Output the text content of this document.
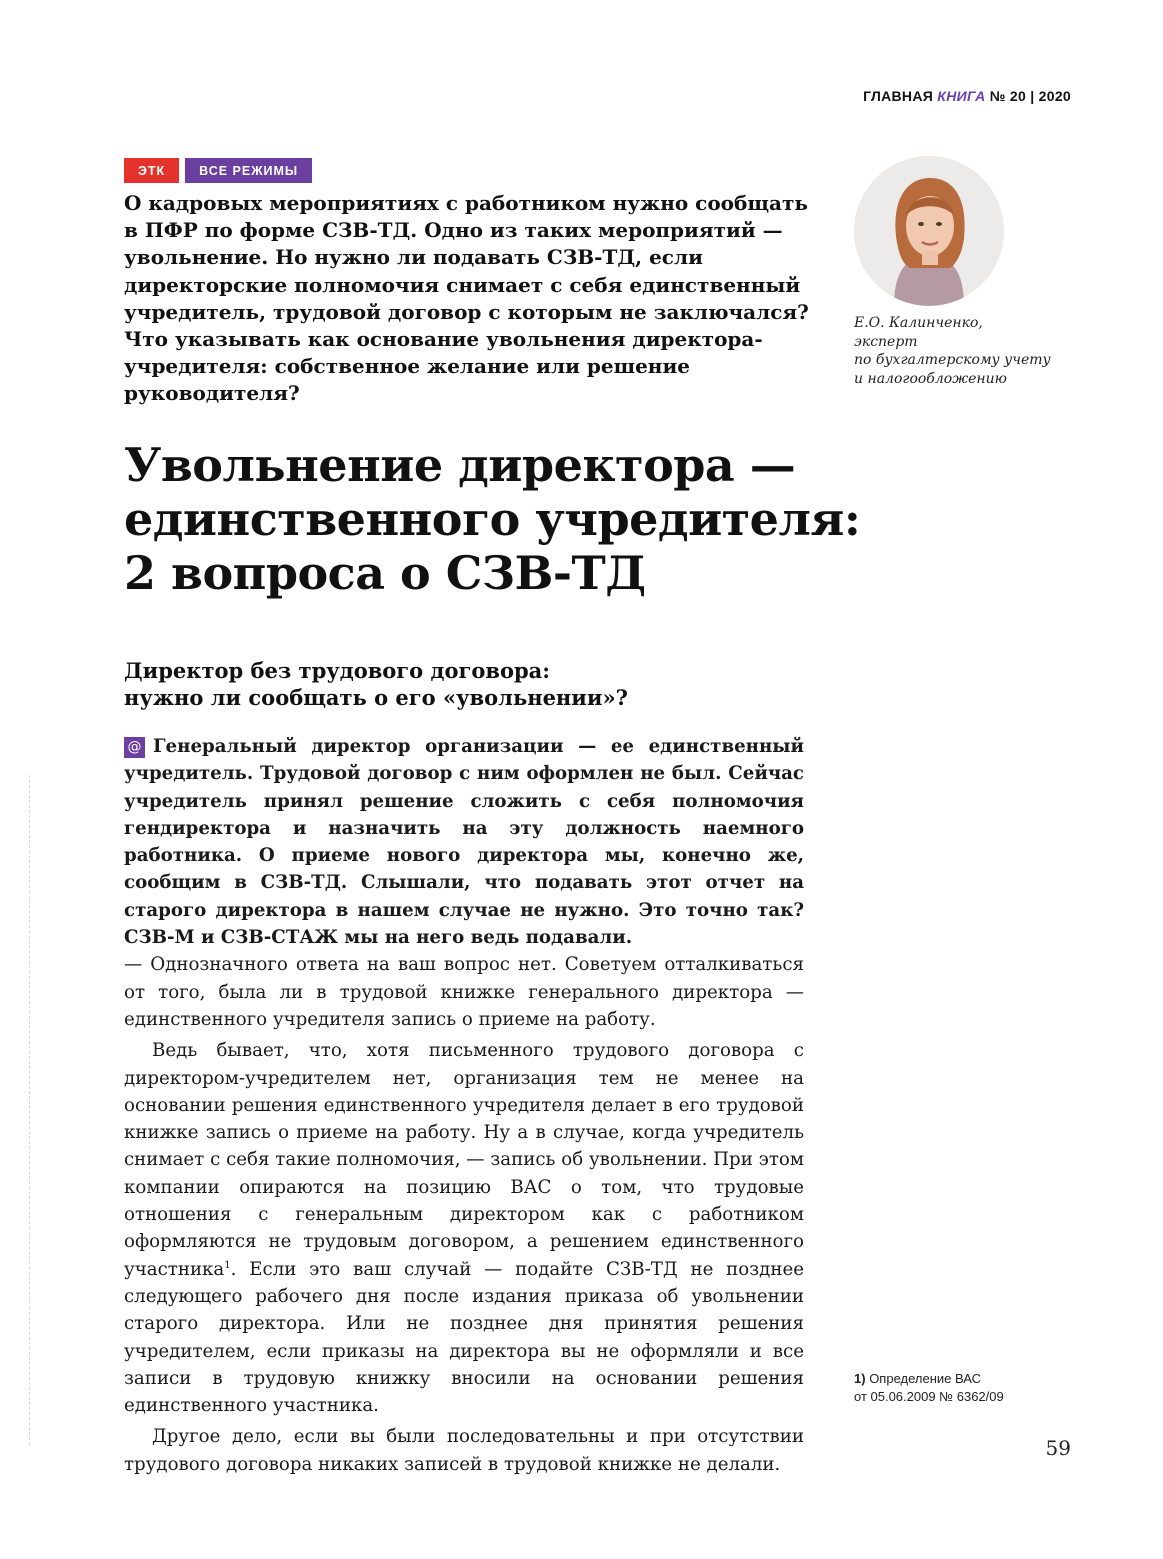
ГЛАВНАЯ КНИГА № 20 | 2020
ЭТК	ВСЕ РЕЖИМЫ

О кадровых мероприятиях с работником нужно сообщать в ПФР по форме СЗВ-ТД. Одно из таких мероприятий — увольнение. Но нужно ли подавать СЗВ-ТД, если директорские полномочия снимает с себя единственный учредитель, трудовой договор с которым не заключался? Что указывать как основание увольнения директора-учредителя: собственное желание или решение руководителя?

Е.О. Калинченко,
эксперт
по бухгалтерскому учету
и налогообложению
Увольнение директора —
единственного учредителя:
2 вопроса о СЗВ-ТД
Директор без трудового договора:
нужно ли сообщать о его «увольнении»?

@ Генеральный директор организации — ее единственный учредитель. Трудовой договор с ним оформлен не был. Сейчас учредитель принял решение сложить с себя полномочия гендиректора и назначить на эту должность наемного работника. О приеме нового директора мы, конечно же, сообщим в СЗВ-ТД. Слышали, что подавать этот отчет на старого директора в нашем случае не нужно. Это точно так? СЗВ-М и СЗВ-СТАЖ мы на него ведь подавали.

— Однозначного ответа на ваш вопрос нет. Советуем отталкиваться от того, была ли в трудовой книжке генерального директора — единственного учредителя запись о приеме на работу.

Ведь бывает, что, хотя письменного трудового договора с директором-учредителем нет, организация тем не менее на основании решения единственного учредителя делает в его трудовой книжке запись о приеме на работу. Ну а в случае, когда учредитель снимает с себя такие полномочия, — запись об увольнении. При этом компании опираются на позицию ВАС о том, что трудовые отношения с генеральным директором как с работником оформляются не трудовым договором, а решением единственного участника$^1$. Если это ваш случай — подайте СЗВ-ТД не позднее следующего рабочего дня после издания приказа об увольнении старого директора. Или не позднее дня принятия решения учредителем, если приказы на директора вы не оформляли и все записи в трудовую книжку вносили на основании решения единственного участника.

Другое дело, если вы были последовательны и при отсутствии трудового договора никаких записей в трудовой книжке не делали.

1) Определение ВАС
от 05.06.2009 № 6362/09
59
